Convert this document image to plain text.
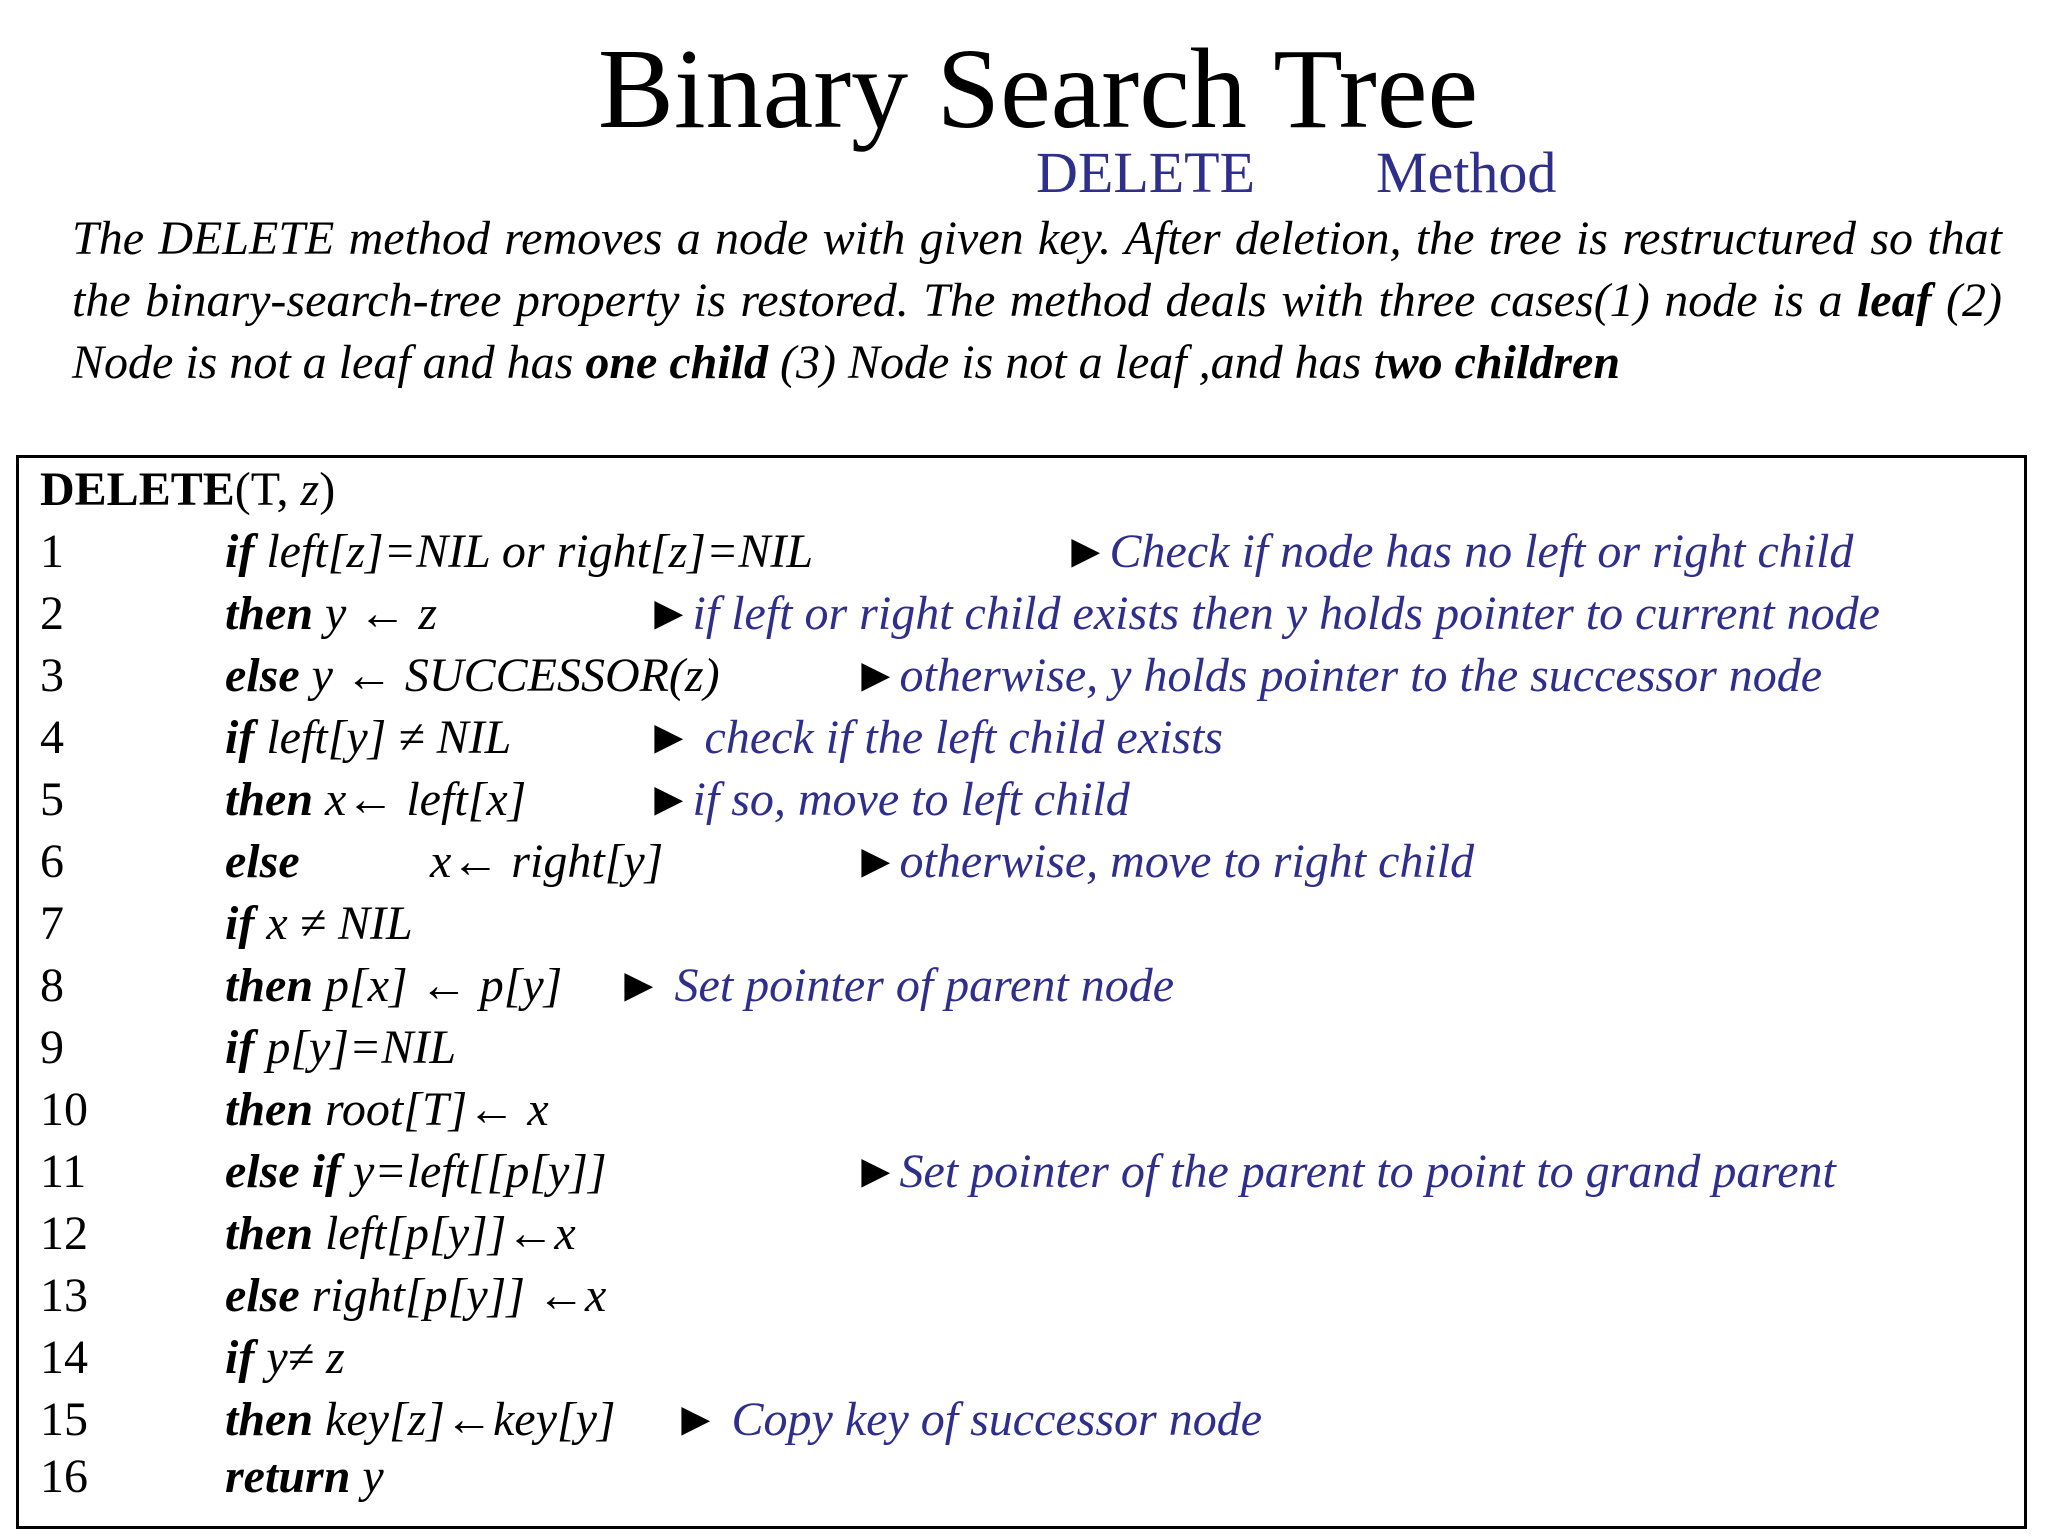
Binary Search Tree
DELETE Method
The DELETE method removes a node with given key. After deletion, the tree is restructured so that the binary-search-tree property is restored. The method deals with three cases(1) node is a leaf (2) Node is not a leaf and has one child (3) Node is not a leaf ,and has two children
DELETE(T, z)
1	if left[z]=NIL or right[z]=NIL	►Check if node has no left or right child
2	then y ← z	►if left or right child exists then y holds pointer to current node
3	else y ← SUCCESSOR(z)	►otherwise, y holds pointer to the successor node
4	if left[y] ≠ NIL	► check if the left child exists
5	then x← left[x] ►if so, move to left child
6	else	x← right[y]	►otherwise, move to right child
7	if x ≠ NIL
8	then p[x] ← p[y] ► Set pointer of parent node
9	if p[y]=NIL
10	then root[T]← x
11	else if y=left[[p[y]]	►Set pointer of the parent to point to grand parent
12	then left[p[y]]←x
13	else right[p[y]] ←x
14	if y≠ z
15	then key[z]←key[y] ► Copy key of successor node
16	return y
